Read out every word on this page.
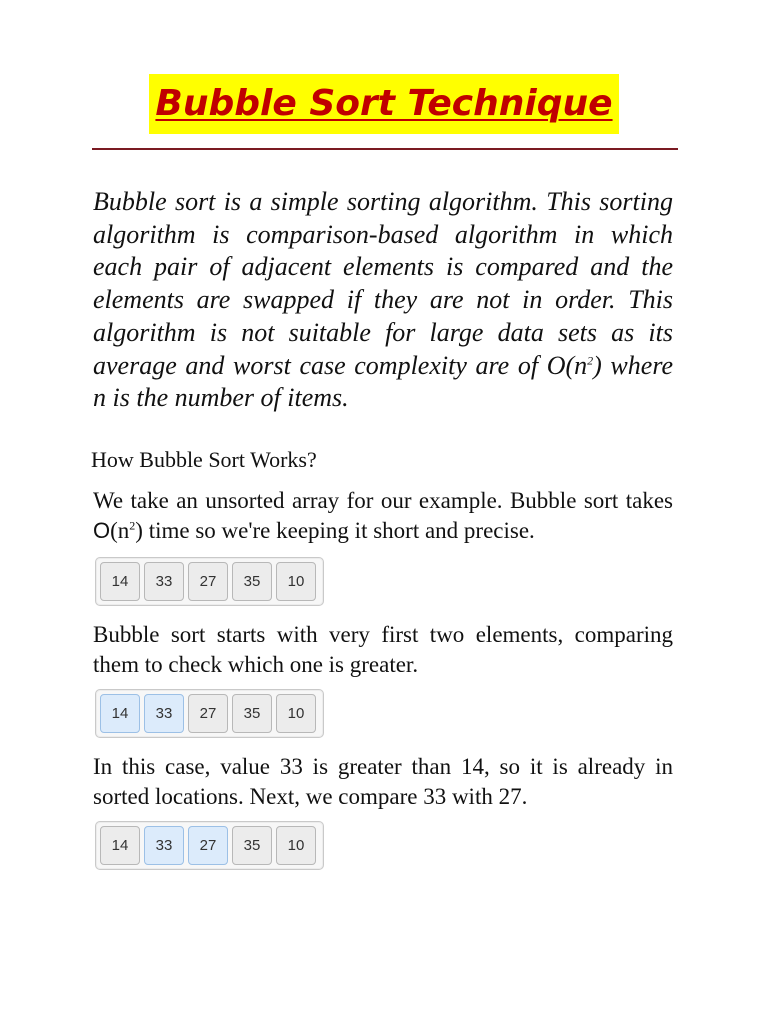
Bubble Sort Technique
Bubble sort is a simple sorting algorithm. This sorting algorithm is comparison-based algorithm in which each pair of adjacent elements is compared and the elements are swapped if they are not in order. This algorithm is not suitable for large data sets as its average and worst case complexity are of $O(n^2)$ where n is the number of items.
How Bubble Sort Works?
We take an unsorted array for our example. Bubble sort takes $O(n^2)$ time so we're keeping it short and precise.
14	33	27	35	10
Bubble sort starts with very first two elements, comparing them to check which one is greater.
14	33	27	35	10
In this case, value 33 is greater than 14, so it is already in sorted locations. Next, we compare 33 with 27.
14	33	27	35	10
